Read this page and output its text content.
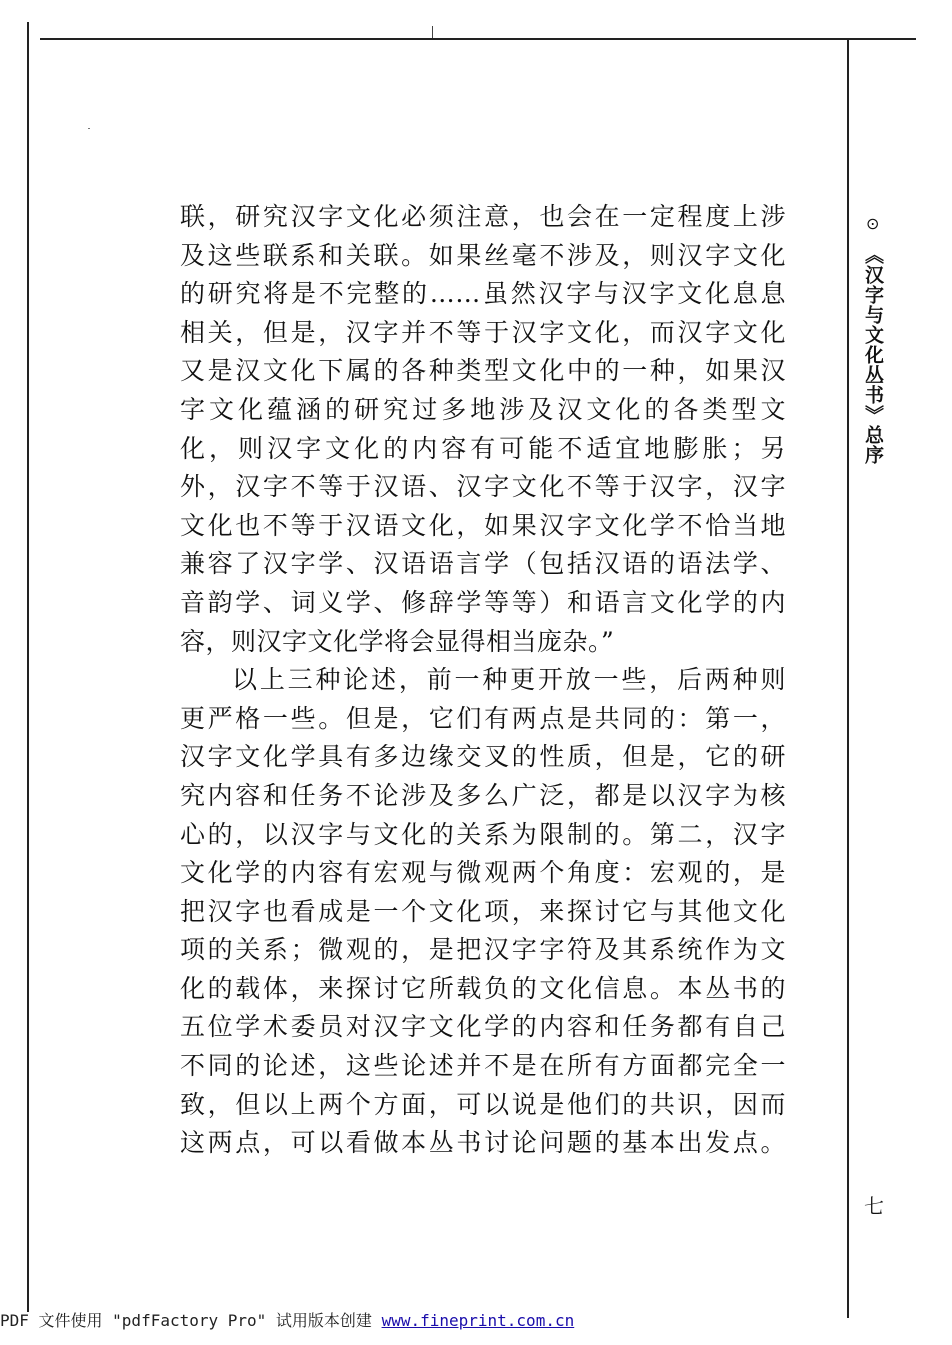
联，研究汉字文化必须注意，也会在一定程度上涉
及这些联系和关联。如果丝毫不涉及，则汉字文化
的研究将是不完整的……虽然汉字与汉字文化息息
相关，但是，汉字并不等于汉字文化，而汉字文化
又是汉文化下属的各种类型文化中的一种，如果汉
字文化蕴涵的研究过多地涉及汉文化的各类型文
化，则汉字文化的内容有可能不适宜地膨胀；另
外，汉字不等于汉语、汉字文化不等于汉字，汉字
文化也不等于汉语文化，如果汉字文化学不恰当地
兼容了汉字学、汉语语言学（包括汉语的语法学、
音韵学、词义学、修辞学等等）和语言文化学的内
容，则汉字文化学将会显得相当庞杂。”
以上三种论述，前一种更开放一些，后两种则
更严格一些。但是，它们有两点是共同的：第一，
汉字文化学具有多边缘交叉的性质，但是，它的研
究内容和任务不论涉及多么广泛，都是以汉字为核
心的，以汉字与文化的关系为限制的。第二，汉字
文化学的内容有宏观与微观两个角度：宏观的，是
把汉字也看成是一个文化项，来探讨它与其他文化
项的关系；微观的，是把汉字字符及其系统作为文
化的载体，来探讨它所载负的文化信息。本丛书的
五位学术委员对汉字文化学的内容和任务都有自己
不同的论述，这些论述并不是在所有方面都完全一
致，但以上两个方面，可以说是他们的共识，因而
这两点，可以看做本丛书讨论问题的基本出发点。
⊙
《汉字与文化丛书》总序
七
PDF 文件使用 "pdfFactory Pro" 试用版本创建 www.fineprint.com.cn
